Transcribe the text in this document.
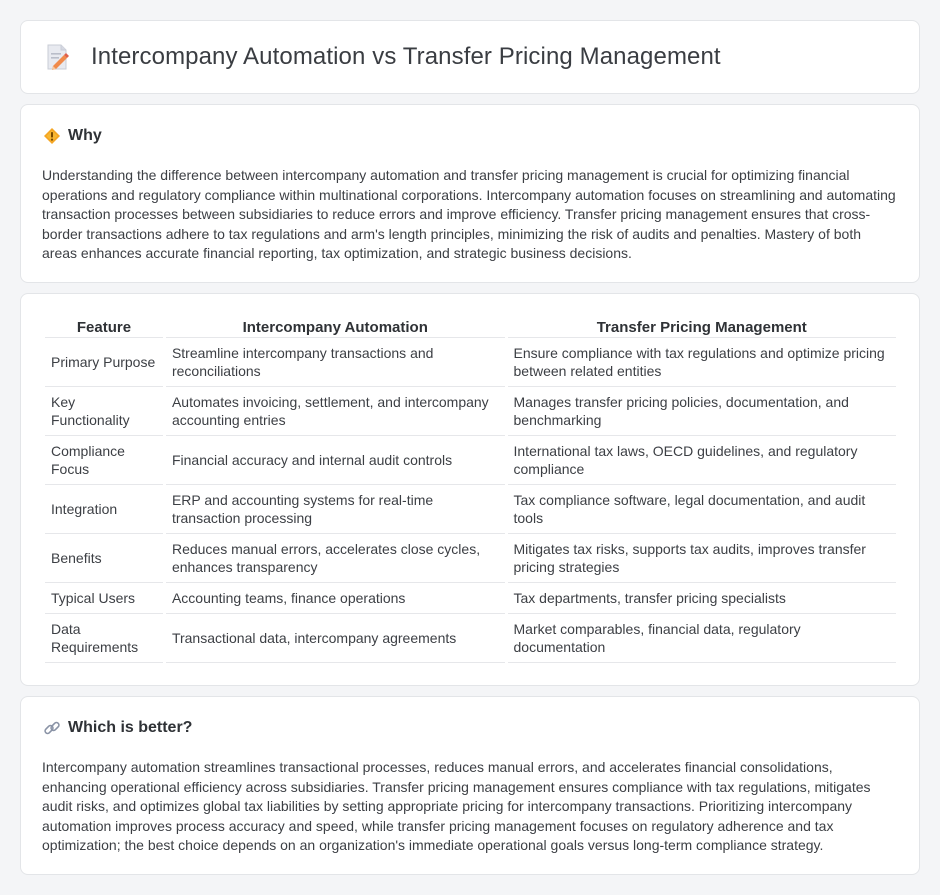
Intercompany Automation vs Transfer Pricing Management
Why

Understanding the difference between intercompany automation and transfer pricing management is crucial for optimizing financial operations and regulatory compliance within multinational corporations. Intercompany automation focuses on streamlining and automating transaction processes between subsidiaries to reduce errors and improve efficiency. Transfer pricing management ensures that cross-border transactions adhere to tax regulations and arm's length principles, minimizing the risk of audits and penalties. Mastery of both areas enhances accurate financial reporting, tax optimization, and strategic business decisions.

Feature	Intercompany Automation	Transfer Pricing Management
Primary Purpose	Streamline intercompany transactions and reconciliations	Ensure compliance with tax regulations and optimize pricing between related entities
Key Functionality	Automates invoicing, settlement, and intercompany accounting entries	Manages transfer pricing policies, documentation, and benchmarking
Compliance Focus	Financial accuracy and internal audit controls	International tax laws, OECD guidelines, and regulatory compliance
Integration	ERP and accounting systems for real-time transaction processing	Tax compliance software, legal documentation, and audit tools
Benefits	Reduces manual errors, accelerates close cycles, enhances transparency	Mitigates tax risks, supports tax audits, improves transfer pricing strategies
Typical Users	Accounting teams, finance operations	Tax departments, transfer pricing specialists
Data Requirements	Transactional data, intercompany agreements	Market comparables, financial data, regulatory documentation
Which is better?

Intercompany automation streamlines transactional processes, reduces manual errors, and accelerates financial consolidations, enhancing operational efficiency across subsidiaries. Transfer pricing management ensures compliance with tax regulations, mitigates audit risks, and optimizes global tax liabilities by setting appropriate pricing for intercompany transactions. Prioritizing intercompany automation improves process accuracy and speed, while transfer pricing management focuses on regulatory adherence and tax optimization; the best choice depends on an organization's immediate operational goals versus long-term compliance strategy.
